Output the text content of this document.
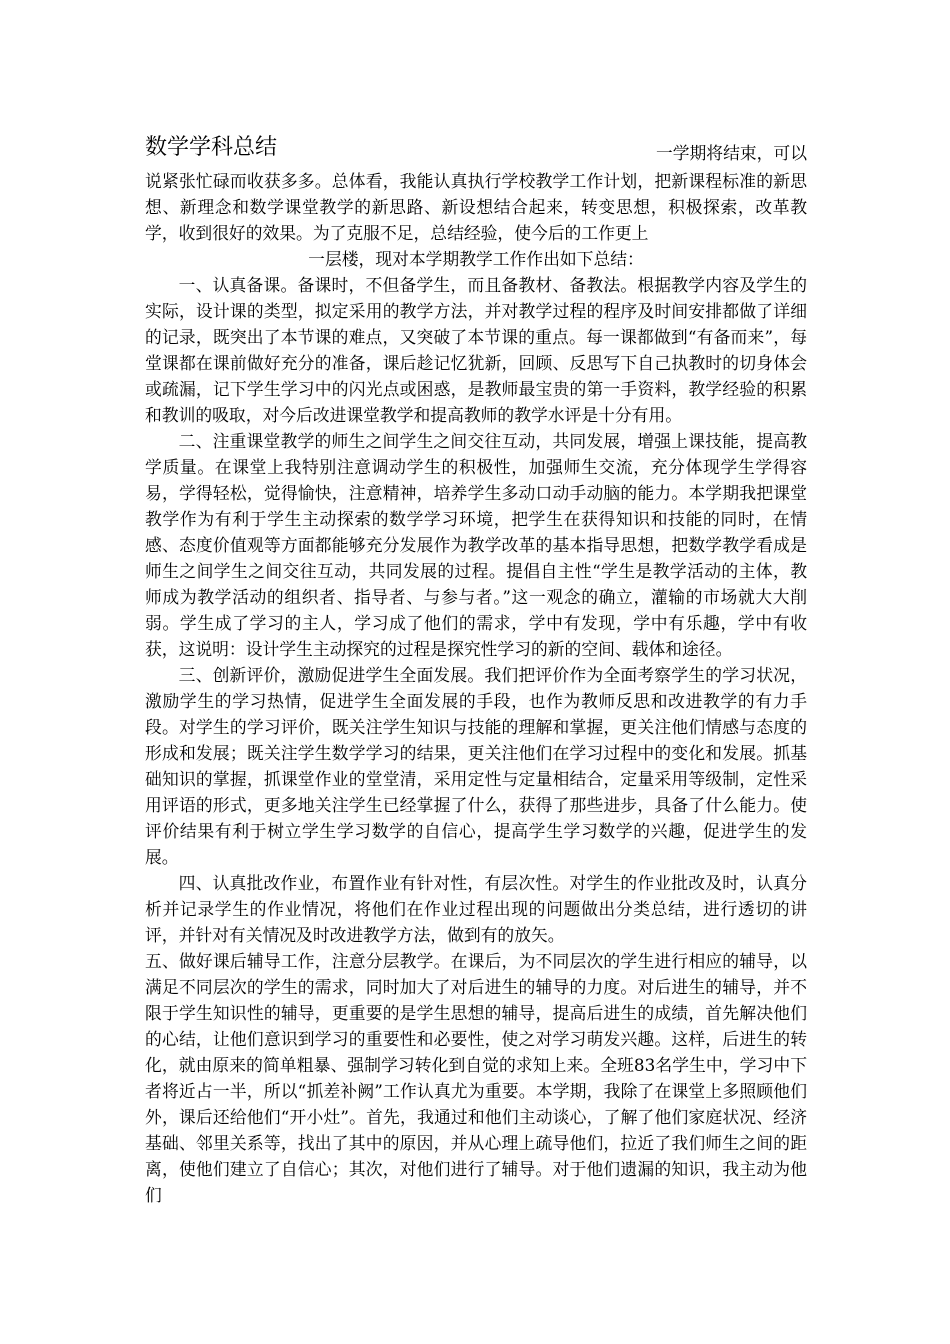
数学学科总结	一学期将结束，可以

说紧张忙碌而收获多多。总体看，我能认真执行学校教学工作计划，把新课程标准的新思想、新理念和数学课堂教学的新思路、新设想结合起来，转变思想，积极探索，改革教学，收到很好的效果。为了克服不足，总结经验，使今后的工作更上

一层楼，现对本学期教学工作作出如下总结：

一、认真备课。备课时，不但备学生，而且备教材、备教法。根据教学内容及学生的实际，设计课的类型，拟定采用的教学方法，并对教学过程的程序及时间安排都做了详细的记录，既突出了本节课的难点，又突破了本节课的重点。每一课都做到“有备而来”，每堂课都在课前做好充分的准备，课后趁记忆犹新，回顾、反思写下自己执教时的切身体会或疏漏，记下学生学习中的闪光点或困惑，是教师最宝贵的第一手资料，教学经验的积累和教训的吸取，对今后改进课堂教学和提高教师的教学水评是十分有用。

二、注重课堂教学的师生之间学生之间交往互动，共同发展，增强上课技能，提高教学质量。在课堂上我特别注意调动学生的积极性，加强师生交流，充分体现学生学得容易，学得轻松，觉得愉快，注意精神，培养学生多动口动手动脑的能力。本学期我把课堂教学作为有利于学生主动探索的数学学习环境，把学生在获得知识和技能的同时，在情感、态度价值观等方面都能够充分发展作为教学改革的基本指导思想，把数学教学看成是师生之间学生之间交往互动，共同发展的过程。提倡自主性“学生是教学活动的主体，教师成为教学活动的组织者、指导者、与参与者。”这一观念的确立，灌输的市场就大大削弱。学生成了学习的主人，学习成了他们的需求，学中有发现，学中有乐趣，学中有收获，这说明：设计学生主动探究的过程是探究性学习的新的空间、载体和途径。

三、创新评价，激励促进学生全面发展。我们把评价作为全面考察学生的学习状况，激励学生的学习热情，促进学生全面发展的手段，也作为教师反思和改进教学的有力手段。对学生的学习评价，既关注学生知识与技能的理解和掌握，更关注他们情感与态度的形成和发展；既关注学生数学学习的结果，更关注他们在学习过程中的变化和发展。抓基础知识的掌握，抓课堂作业的堂堂清，采用定性与定量相结合，定量采用等级制，定性采用评语的形式，更多地关注学生已经掌握了什么，获得了那些进步，具备了什么能力。使评价结果有利于树立学生学习数学的自信心，提高学生学习数学的兴趣，促进学生的发展。

四、认真批改作业，布置作业有针对性，有层次性。对学生的作业批改及时，认真分析并记录学生的作业情况，将他们在作业过程出现的问题做出分类总结，进行透切的讲评，并针对有关情况及时改进教学方法，做到有的放矢。

五、做好课后辅导工作，注意分层教学。在课后，为不同层次的学生进行相应的辅导，以满足不同层次的学生的需求，同时加大了对后进生的辅导的力度。对后进生的辅导，并不限于学生知识性的辅导，更重要的是学生思想的辅导，提高后进生的成绩，首先解决他们的心结，让他们意识到学习的重要性和必要性，使之对学习萌发兴趣。这样，后进生的转化，就由原来的简单粗暴、强制学习转化到自觉的求知上来。全班83名学生中，学习中下者将近占一半，所以“抓差补阙”工作认真尤为重要。本学期，我除了在课堂上多照顾他们外，课后还给他们“开小灶”。首先，我通过和他们主动谈心，了解了他们家庭状况、经济基础、邻里关系等，找出了其中的原因，并从心理上疏导他们，拉近了我们师生之间的距离，使他们建立了自信心；其次，对他们进行了辅导。对于他们遗漏的知识，我主动为他们
